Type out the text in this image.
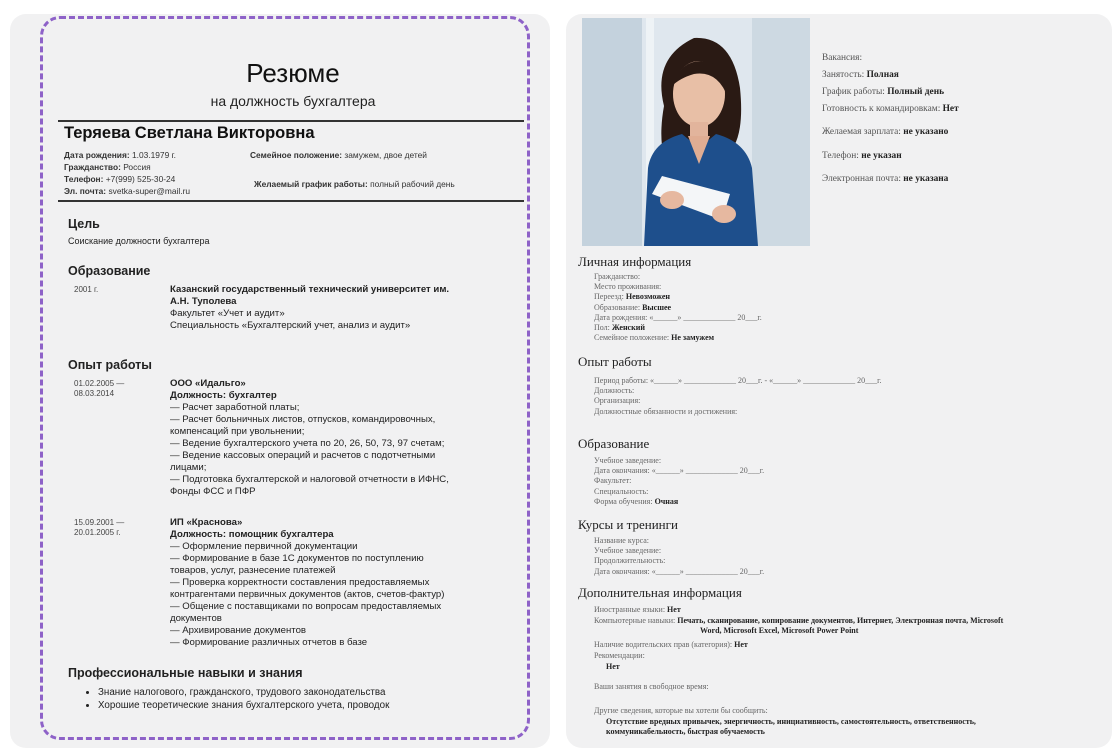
Резюме
на должность бухгалтера
Теряева Светлана Викторовна
Дата рождения: 1.03.1979 г.
Гражданство: Россия
Телефон: +7(999) 525-30-24
Эл. почта: svetka-super@mail.ru
Семейное положение: замужем, двое детей
Желаемый график работы: полный рабочий день
Цель
Соискание должности бухгалтера
Образование
2001 г.	Казанский государственный технический университет им.
А.Н. Туполева
Факультет «Учет и аудит»
Специальность «Бухгалтерский учет, анализ и аудит»
Опыт работы
01.02.2005 —
08.03.2014
ООО «Идальго»
Должность: бухгалтер
— Расчет заработной платы;
— Расчет больничных листов, отпусков, командировочных,
компенсаций при увольнении;
— Ведение бухгалтерского учета по 20, 26, 50, 73, 97 счетам;
— Ведение кассовых операций и расчетов с подотчетными
лицами;
— Подготовка бухгалтерской и налоговой отчетности в ИФНС,
Фонды ФСС и ПФР
15.09.2001 —
20.01.2005 г.
ИП «Краснова»
Должность: помощник бухгалтера
— Оформление первичной документации
— Формирование в базе 1С документов по поступлению
товаров, услуг, разнесение платежей
— Проверка корректности составления предоставляемых
контрагентами первичных документов (актов, счетов-фактур)
— Общение с поставщиками по вопросам предоставляемых
документов
— Архивирование документов
— Формирование различных отчетов в базе
Профессиональные навыки и знания
• Знание налогового, гражданского, трудового законодательства
• Хорошие теоретические знания бухгалтерского учета, проводок
Вакансия:
Занятость: Полная
График работы: Полный день
Готовность к командировкам: Нет
Желаемая зарплата: не указано
Телефон: не указан
Электронная почта: не указана
Личная информация
Гражданство:
Место проживания:
Переезд: Невозможен
Образование: Высшее
Дата рождения: «______» _____________ 20___г.
Пол: Женский
Семейное положение: Не замужем
Опыт работы
Период работы: «______» _____________ 20___г. - «______» _____________ 20___г.
Должность:
Организация:
Должностные обязанности и достижения:
Образование
Учебное заведение:
Дата окончания: «______» _____________ 20___г.
Факультет:
Специальность:
Форма обучения: Очная
Курсы и тренинги
Название курса:
Учебное заведение:
Продолжительность:
Дата окончания: «______» _____________ 20___г.
Дополнительная информация
Иностранные языки: Нет
Компьютерные навыки: Печать, сканирование, копирование документов, Интернет, Электронная почта, Microsoft
Word, Microsoft Excel, Microsoft Power Point
Наличие водительских прав (категория): Нет
Рекомендации:
Нет
Ваши занятия в свободное время:
Другие сведения, которые вы хотели бы сообщить:
Отсутствие вредных привычек, энергичность, инициативность, самостоятельность, ответственность,
коммуникабельность, быстрая обучаемость
